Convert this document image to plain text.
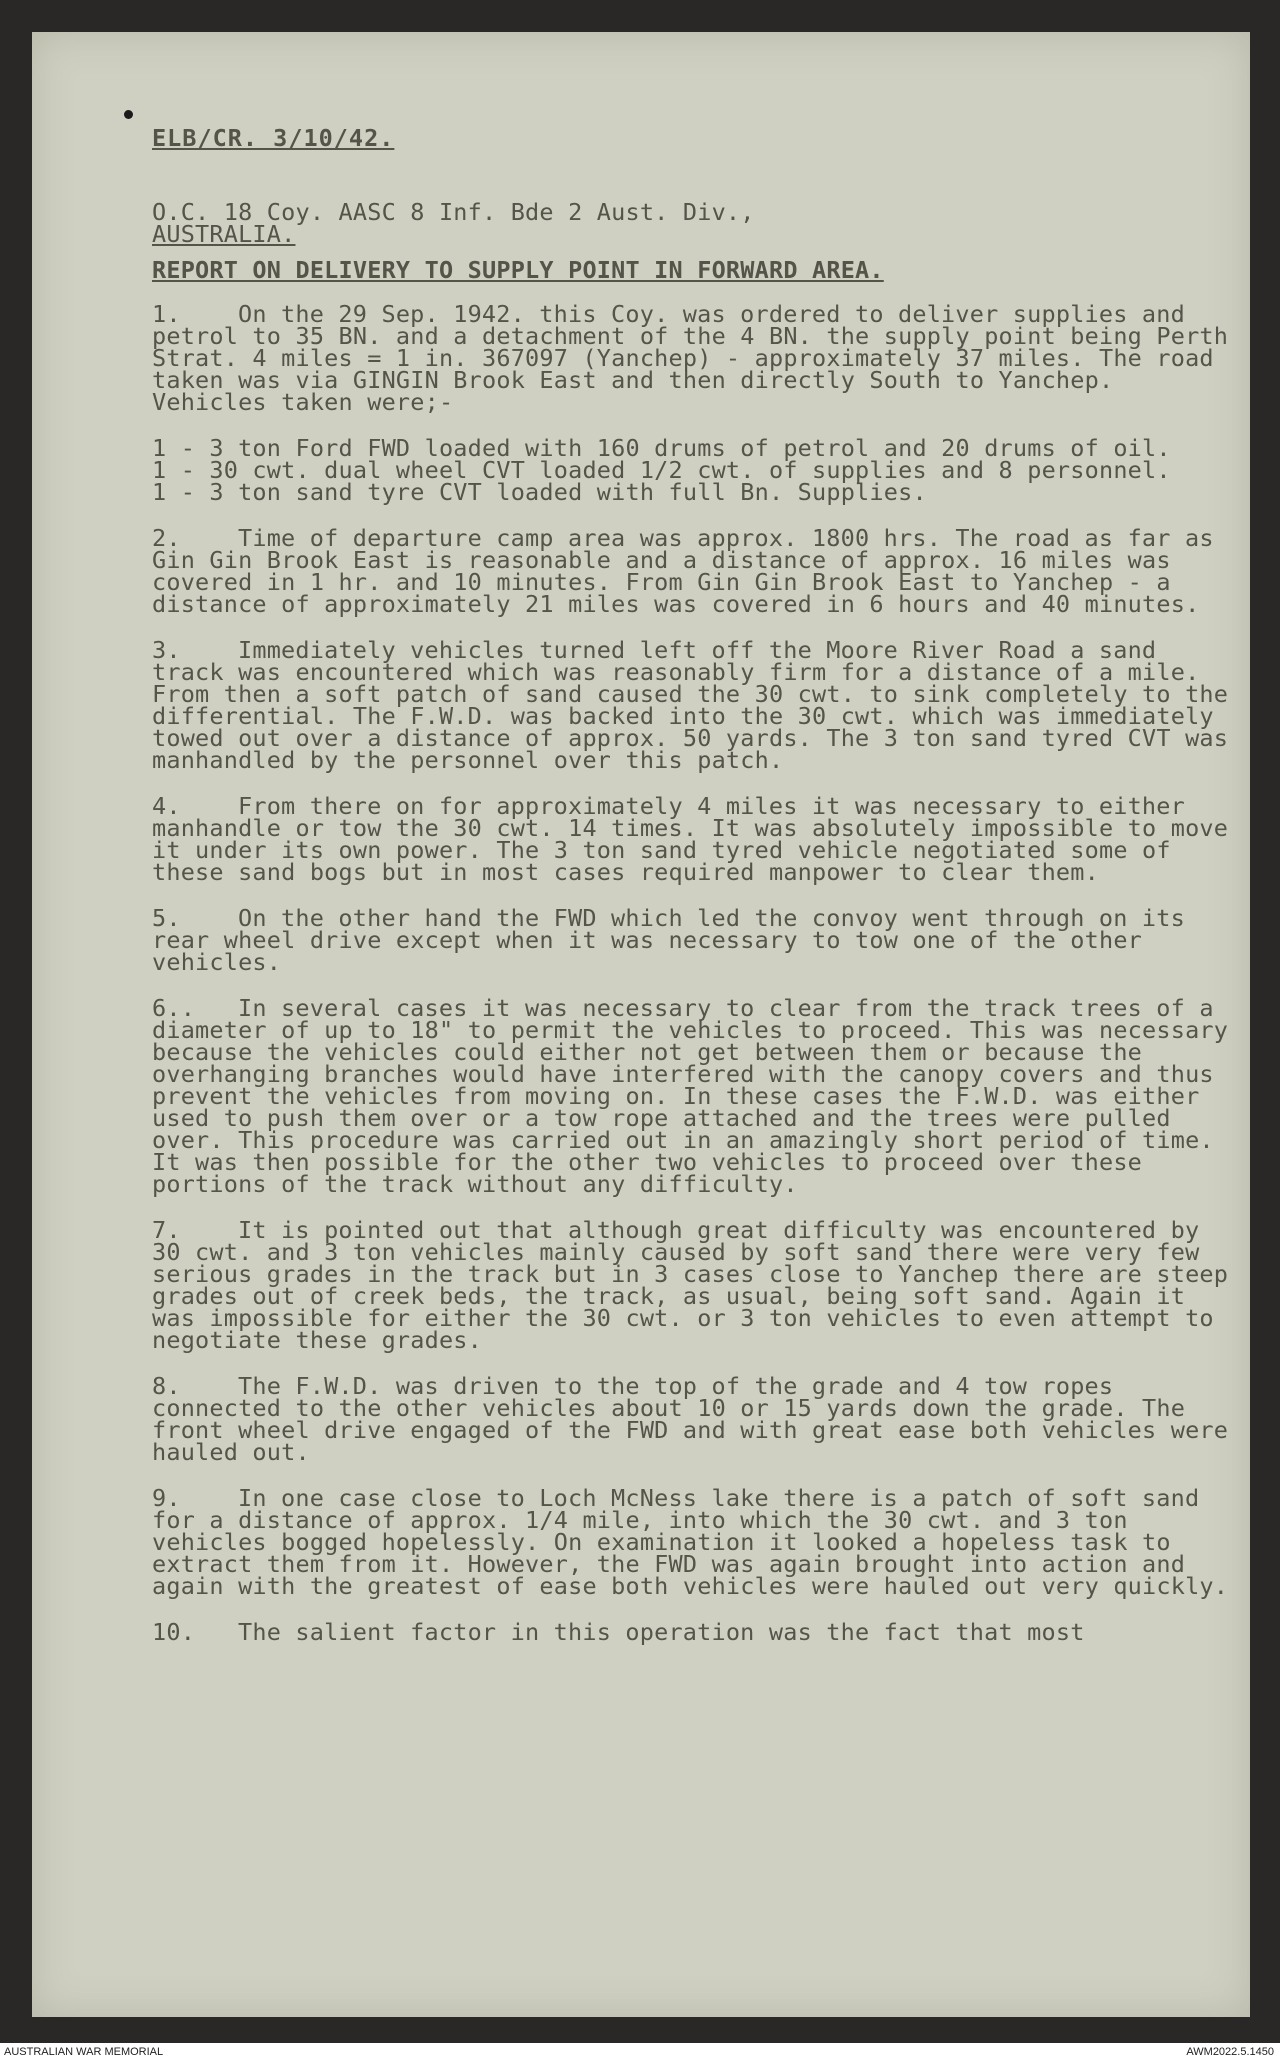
ELB/CR. 3/10/42.
O.C. 18 Coy. AASC 8 Inf. Bde 2 Aust. Div.,
AUSTRALIA.
REPORT ON DELIVERY TO SUPPLY POINT IN FORWARD AREA.
1. On the 29 Sep. 1942. this Coy. was ordered to deliver supplies and petrol to 35 BN. and a detachment of the 4 BN. the supply point being Perth Strat. 4 miles = 1 in. 367097 (Yanchep) - approximately 37 miles. The road taken was via GINGIN Brook East and then directly South to Yanchep. Vehicles taken were;-
1 - 3 ton Ford FWD loaded with 160 drums of petrol and 20 drums of oil.
1 - 30 cwt. dual wheel CVT loaded 1/2 cwt. of supplies and 8 personnel.
1 - 3 ton sand tyre CVT loaded with full Bn. Supplies.
2. Time of departure camp area was approx. 1800 hrs. The road as far as Gin Gin Brook East is reasonable and a distance of approx. 16 miles was covered in 1 hr. and 10 minutes. From Gin Gin Brook East to Yanchep - a distance of approximately 21 miles was covered in 6 hours and 40 minutes.
3. Immediately vehicles turned left off the Moore River Road a sand track was encountered which was reasonably firm for a distance of a mile. From then a soft patch of sand caused the 30 cwt. to sink completely to the differential. The F.W.D. was backed into the 30 cwt. which was immediately towed out over a distance of approx. 50 yards. The 3 ton sand tyred CVT was manhandled by the personnel over this patch.
4. From there on for approximately 4 miles it was necessary to either manhandle or tow the 30 cwt. 14 times. It was absolutely impossible to move it under its own power. The 3 ton sand tyred vehicle negotiated some of these sand bogs but in most cases required manpower to clear them.
5. On the other hand the FWD which led the convoy went through on its rear wheel drive except when it was necessary to tow one of the other vehicles.
6.. In several cases it was necessary to clear from the track trees of a diameter of up to 18" to permit the vehicles to proceed. This was necessary because the vehicles could either not get between them or because the overhanging branches would have interfered with the canopy covers and thus prevent the vehicles from moving on. In these cases the F.W.D. was either used to push them over or a tow rope attached and the trees were pulled over. This procedure was carried out in an amazingly short period of time. It was then possible for the other two vehicles to proceed over these portions of the track without any difficulty.
7. It is pointed out that although great difficulty was encountered by 30 cwt. and 3 ton vehicles mainly caused by soft sand there were very few serious grades in the track but in 3 cases close to Yanchep there are steep grades out of creek beds, the track, as usual, being soft sand. Again it was impossible for either the 30 cwt. or 3 ton vehicles to even attempt to negotiate these grades.
8. The F.W.D. was driven to the top of the grade and 4 tow ropes connected to the other vehicles about 10 or 15 yards down the grade. The front wheel drive engaged of the FWD and with great ease both vehicles were hauled out.
9. In one case close to Loch McNess lake there is a patch of soft sand for a distance of approx. 1/4 mile, into which the 30 cwt. and 3 ton vehicles bogged hopelessly. On examination it looked a hopeless task to extract them from it. However, the FWD was again brought into action and again with the greatest of ease both vehicles were hauled out very quickly.
10. The salient factor in this operation was the fact that most
AUSTRALIAN WAR MEMORIAL	AWM2022.5.1450
